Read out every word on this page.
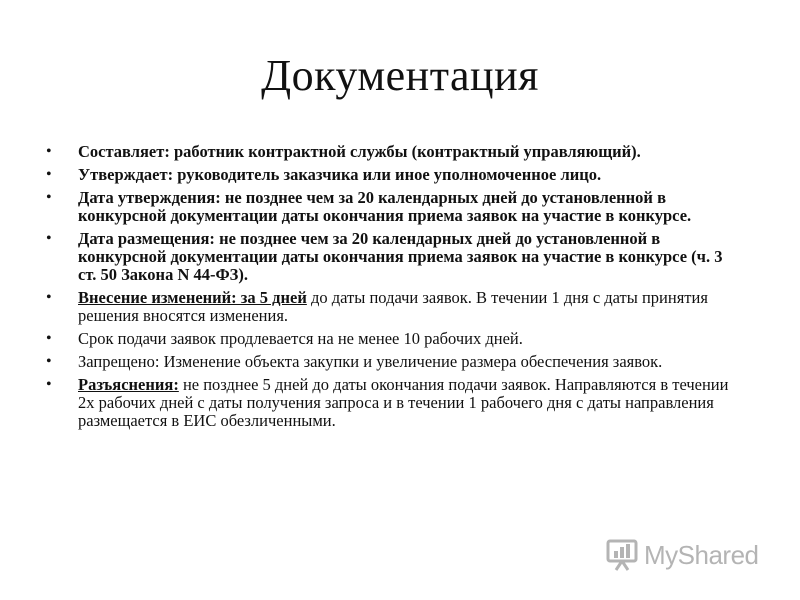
Документация
• Составляет: работник контрактной службы (контрактный управляющий).
• Утверждает: руководитель заказчика или иное уполномоченное лицо.
• Дата утверждения: не позднее чем за 20 календарных дней до установленной в конкурсной документации даты окончания приема заявок на участие в конкурсе.
• Дата размещения: не позднее чем за 20 календарных дней до установленной в конкурсной документации даты окончания приема заявок на участие в конкурсе (ч. 3 ст. 50 Закона N 44-ФЗ).
• Внесение изменений: за 5 дней до даты подачи заявок. В течении 1 дня с даты принятия решения вносятся изменения.
• Срок подачи заявок продлевается на не менее 10 рабочих дней.
• Запрещено: Изменение объекта закупки и увеличение размера обеспечения заявок.
• Разъяснения: не позднее 5 дней до даты окончания подачи заявок. Направляются в течении 2х рабочих дней с даты получения запроса и в течении 1 рабочего дня с даты направления размещается в ЕИС обезличенными.
MyShared
